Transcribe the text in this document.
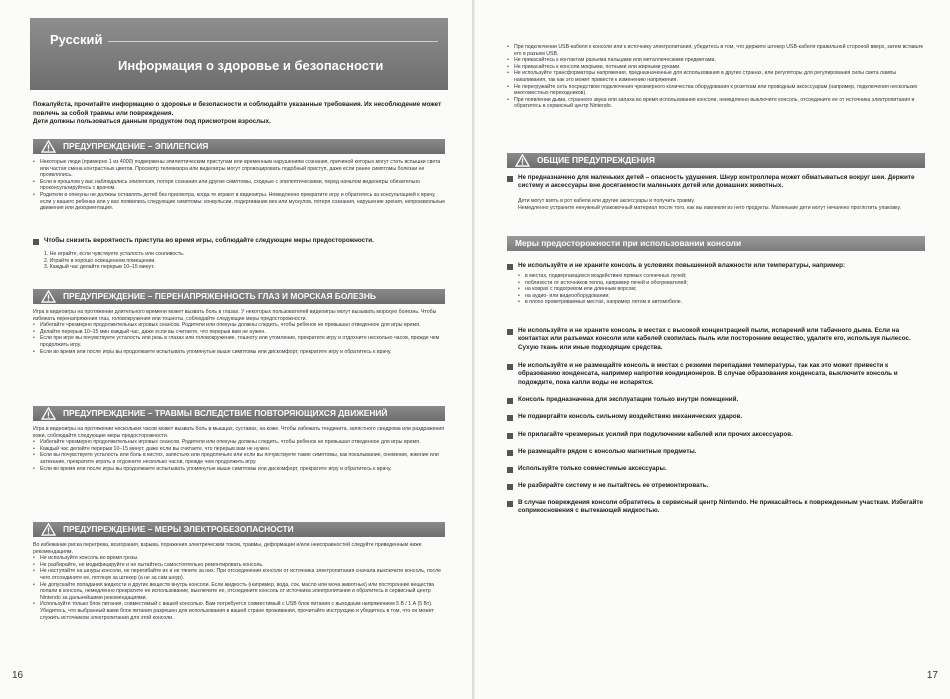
Русский
Информация о здоровье и безопасности

Пожалуйста, прочитайте информацию о здоровье и безопасности и соблюдайте указанные требования. Их несоблюдение может повлечь за собой травмы или повреждения.

Дети должны пользоваться данным продуктом под присмотром взрослых.

ПРЕДУПРЕЖДЕНИЕ – ЭПИЛЕПСИЯ
• Некоторые люди (примерно 1 из 4000) подвержены эпилептическим приступам или временным нарушениям сознания, причиной которых могут стать вспышки света или частая смена контрастных цветов. Просмотр телевизора или видеоигры могут спровоцировать подобный приступ, даже если ранее симптомы болезни не проявлялись.
• Если в прошлом у вас наблюдались эпилепсия, потеря сознания или другие симптомы, сходные с эпилептическими, перед началом видеоигры обязательно проконсультируйтесь с врачом.
• Родители и опекуны не должны оставлять детей без присмотра, когда те играют в видеоигры. Немедленно прекратите игру и обратитесь за консультацией к врачу, если у вашего ребенка или у вас появились следующие симптомы: конвульсии, подергивание век или мускулов, потеря сознания, нарушение зрения, непроизвольные движения или дезориентация.
Чтобы снизить вероятность приступа во время игры, соблюдайте следующие меры предосторожности.
1. Не играйте, если чувствуете усталость или сонливость.
2. Играйте в хорошо освещенном помещении.
3. Каждый час делайте перерыв 10–15 минут.
ПРЕДУПРЕЖДЕНИЕ – ПЕРЕНАПРЯЖЕННОСТЬ ГЛАЗ И МОРСКАЯ БОЛЕЗНЬ

Игра в видеоигры на протяжении длительного времени может вызвать боль в глазах. У некоторых пользователей видеоигры могут вызывать морскую болезнь. Чтобы избежать перенапряжения глаз, головокружения или тошноты, соблюдайте следующие меры предосторожности.

• Избегайте чрезмерно продолжительных игровых сеансов. Родители или опекуны должны следить, чтобы ребенок не превышал отведенное для игры время.
• Делайте перерыв 10–15 мин каждый час, даже если вы считаете, что перерыв вам не нужен.
• Если при игре вы почувствуете усталость или резь в глазах или головокружение, тошноту или утомление, прекратите игру и отдохните несколько часов, прежде чем продолжить игру.
• Если во время или после игры вы продолжаете испытывать упомянутые выше симптомы или дискомфорт, прекратите игру и обратитесь к врачу.
ПРЕДУПРЕЖДЕНИЕ – ТРАВМЫ ВСЛЕДСТВИЕ ПОВТОРЯЮЩИХСЯ ДВИЖЕНИЙ

Игра в видеоигры на протяжении нескольких часов может вызвать боль в мышцах, суставах, на коже. Чтобы избежать тендинита, запястного синдрома или раздражения кожи, соблюдайте следующие меры предосторожности.

• Избегайте чрезмерно продолжительных игровых сеансов. Родители или опекуны должны следить, чтобы ребенок не превышал отведенное для игры время.
• Каждый час делайте перерыв 10–15 минут, даже если вы считаете, что перерыв вам не нужен.
• Если вы почувствуете усталость или боль в кистях, запястьях или предплечьях или если вы почувствуете такие симптомы, как покалывание, онемение, жжение или затекание, прекратите играть и отдохните несколько часов, прежде чем продолжить игру.
• Если во время или после игры вы продолжаете испытывать упомянутые выше симптомы или дискомфорт, прекратите игру и обратитесь к врачу.
ПРЕДУПРЕЖДЕНИЕ – МЕРЫ ЭЛЕКТРОБЕЗОПАСНОСТИ

Во избежание риска перегрева, возгорания, взрыва, поражения электрическим током, травмы, деформации и/или неисправностей следуйте приведенным ниже рекомендациям.

• Не используйте консоль во время грозы.
• Не разбирайте, не модифицируйте и не пытайтесь самостоятельно ремонтировать консоль.
• Не наступайте на шнуры консоли, не перегибайте их и не тяните за них. При отсоединении консоли от источника электропитания сначала выключите консоль, после чего отсоедините ее, потянув за штекер (а не за сам шнур).
• Не допускайте попадания жидкости и других веществ внутрь консоли. Если жидкость (например, вода, сок, масло или моча животных) или посторонние вещества попали в консоль, немедленно прекратите ее использование, выключите ее, отсоедините консоль от источника электропитания и обратитесь в сервисный центр Nintendo за дальнейшими рекомендациями.
• Используйте только блок питания, совместимый с вашей консолью. Вам потребуется совместимый с USB блок питания с выходным напряжением 5 В / 1 А (5 Вт). Убедитесь, что выбранный вами блок питания разрешен для использования в вашей стране проживания, прочитайте инструкцию и убедитесь в том, что он может служить источником электропитания для этой консоли.
16
• При подключении USB-кабеля к консоли или к источнику электропитания, убедитесь в том, что держите штекер USB-кабеля правильной стороной вверх, затем вставьте его в разъем USB.
• Не прикасайтесь к контактам разъема пальцами или металлическими предметами.
• Не прикасайтесь к консоли мокрыми, потными или жирными руками.
• Не используйте трансформаторы напряжения, предназначенные для использования в других странах, или регуляторы для регулирования силы света лампы накаливания, так как это может привести к изменению напряжения.
• Не перегружайте сеть посредством подключения чрезмерного количества оборудования к розеткам или проводным аксессуарам (например, подключения нескольких многоместных переходников).
• При появлении дыма, странного звука или запаха во время использования консоли, немедленно выключите консоль, отсоедините ее от источника электропитания и обратитесь в сервисный центр Nintendo.
ОБЩИЕ ПРЕДУПРЕЖДЕНИЯ
Не предназначено для маленьких детей – опасность удушения. Шнур контроллера может обматываться вокруг шеи. Держите систему и аксессуары вне досягаемости маленьких детей или домашних животных.

Дети могут взять в рот кабели или другие аксессуары и получить травму.

Немедленно устраните ненужный упаковочный материал после того, как вы извлекли из него продукты. Маленькие дети могут нечаянно проглотить упаковку.

Меры предосторожности при использовании консоли
Не используйте и не храните консоль в условиях повышенной влажности или температуры, например:
• в местах, подвергающихся воздействию прямых солнечных лучей;
• поблизости от источников тепла, например печей и обогревателей;
• на коврах с подогревом или длинным ворсом;
• на аудио- или видеооборудовании;
• в плохо проветриваемых местах, например летом в автомобиле.
Не используйте и не храните консоль в местах с высокой концентрацией пыли, испарений или табачного дыма. Если на контактах или разъемах консоли или кабелей скопилась пыль или посторонние вещество, удалите его, используя пылесос. Сухую ткань или иные подходящие средства.
Не используйте и не размещайте консоль в местах с резкими перепадами температуры, так как это может привести к образованию конденсата, например напротив кондиционеров. В случае образования конденсата, выключите консоль и подождите, пока капли воды не испарятся.
Консоль предназначена для эксплуатации только внутри помещений.
Не подвергайте консоль сильному воздействию механических ударов.
Не прилагайте чрезмерных усилий при подключении кабелей или прочих аксессуаров.
Не размещайте рядом с консолью магнитные предметы.
Используйте только совместимые аксессуары.
Не разбирайте систему и не пытайтесь ее отремонтировать.
В случае повреждения консоли обратитесь в сервисный центр Nintendo. Не прикасайтесь к поврежденным участкам. Избегайте соприкосновения с вытекающей жидкостью.
17
